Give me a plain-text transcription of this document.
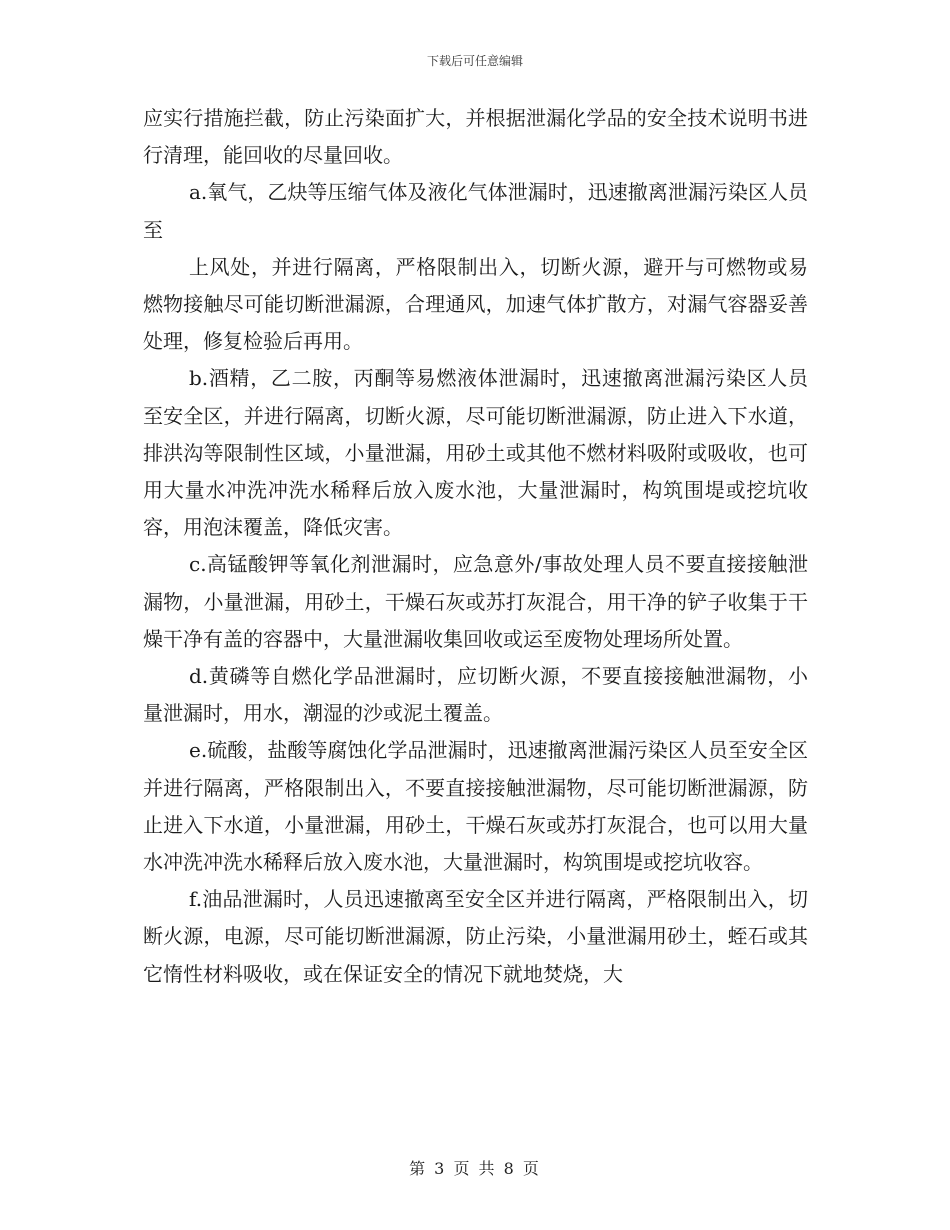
下载后可任意编辑

应实行措施拦截，防止污染面扩大，并根据泄漏化学品的安全技术说明书进行清理，能回收的尽量回收。

a.氧气，乙炔等压缩气体及液化气体泄漏时，迅速撤离泄漏污染区人员至

上风处，并进行隔离，严格限制出入，切断火源，避开与可燃物或易燃物接触尽可能切断泄漏源，合理通风，加速气体扩散方，对漏气容器妥善处理，修复检验后再用。

b.酒精，乙二胺，丙酮等易燃液体泄漏时，迅速撤离泄漏污染区人员至安全区，并进行隔离，切断火源，尽可能切断泄漏源，防止进入下水道，排洪沟等限制性区域，小量泄漏，用砂土或其他不燃材料吸附或吸收，也可用大量水冲洗冲洗水稀释后放入废水池，大量泄漏时，构筑围堤或挖坑收容，用泡沫覆盖，降低灾害。

c.高锰酸钾等氧化剂泄漏时，应急意外/事故处理人员不要直接接触泄漏物，小量泄漏，用砂土，干燥石灰或苏打灰混合，用干净的铲子收集于干燥干净有盖的容器中，大量泄漏收集回收或运至废物处理场所处置。

d.黄磷等自燃化学品泄漏时，应切断火源，不要直接接触泄漏物，小量泄漏时，用水，潮湿的沙或泥土覆盖。

e.硫酸，盐酸等腐蚀化学品泄漏时，迅速撤离泄漏污染区人员至安全区并进行隔离，严格限制出入，不要直接接触泄漏物，尽可能切断泄漏源，防止进入下水道，小量泄漏，用砂土，干燥石灰或苏打灰混合，也可以用大量水冲洗冲洗水稀释后放入废水池，大量泄漏时，构筑围堤或挖坑收容。

f.油品泄漏时，人员迅速撤离至安全区并进行隔离，严格限制出入，切断火源，电源，尽可能切断泄漏源，防止污染，小量泄漏用砂土，蛭石或其它惰性材料吸收，或在保证安全的情况下就地焚烧，大

第 3 页 共 8 页
